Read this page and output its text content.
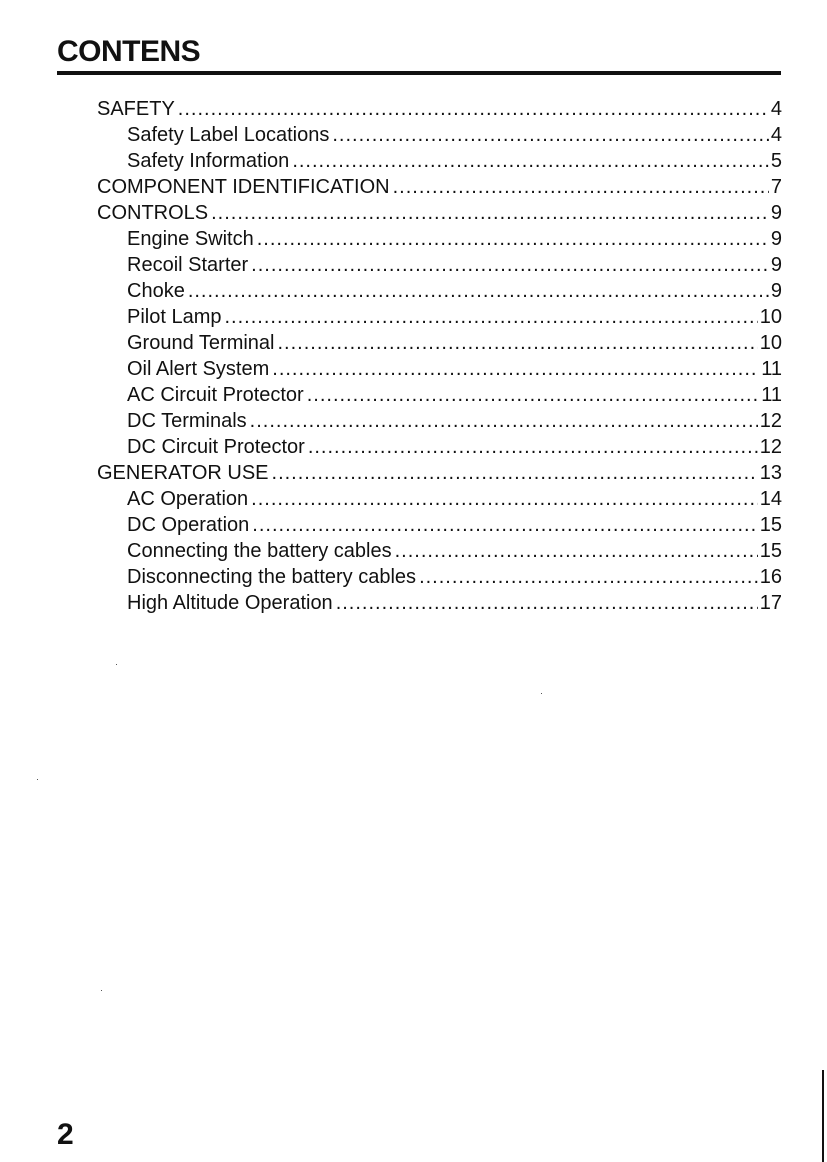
CONTENS
SAFETY .....	4
Safety Label Locations .....	4
Safety Information .....	5
COMPONENT IDENTIFICATION .....	7
CONTROLS .....	9
Engine Switch .....	9
Recoil Starter .....	9
Choke .....	9
Pilot Lamp .....	10
Ground Terminal .....	10
Oil Alert System .....	11
AC Circuit Protector .....	11
DC Terminals .....	12
DC Circuit Protector .....	12
GENERATOR USE .....	13
AC Operation .....	14
DC Operation .....	15
Connecting the battery cables .....	15
Disconnecting the battery cables .....	16
High Altitude Operation .....	17
2
